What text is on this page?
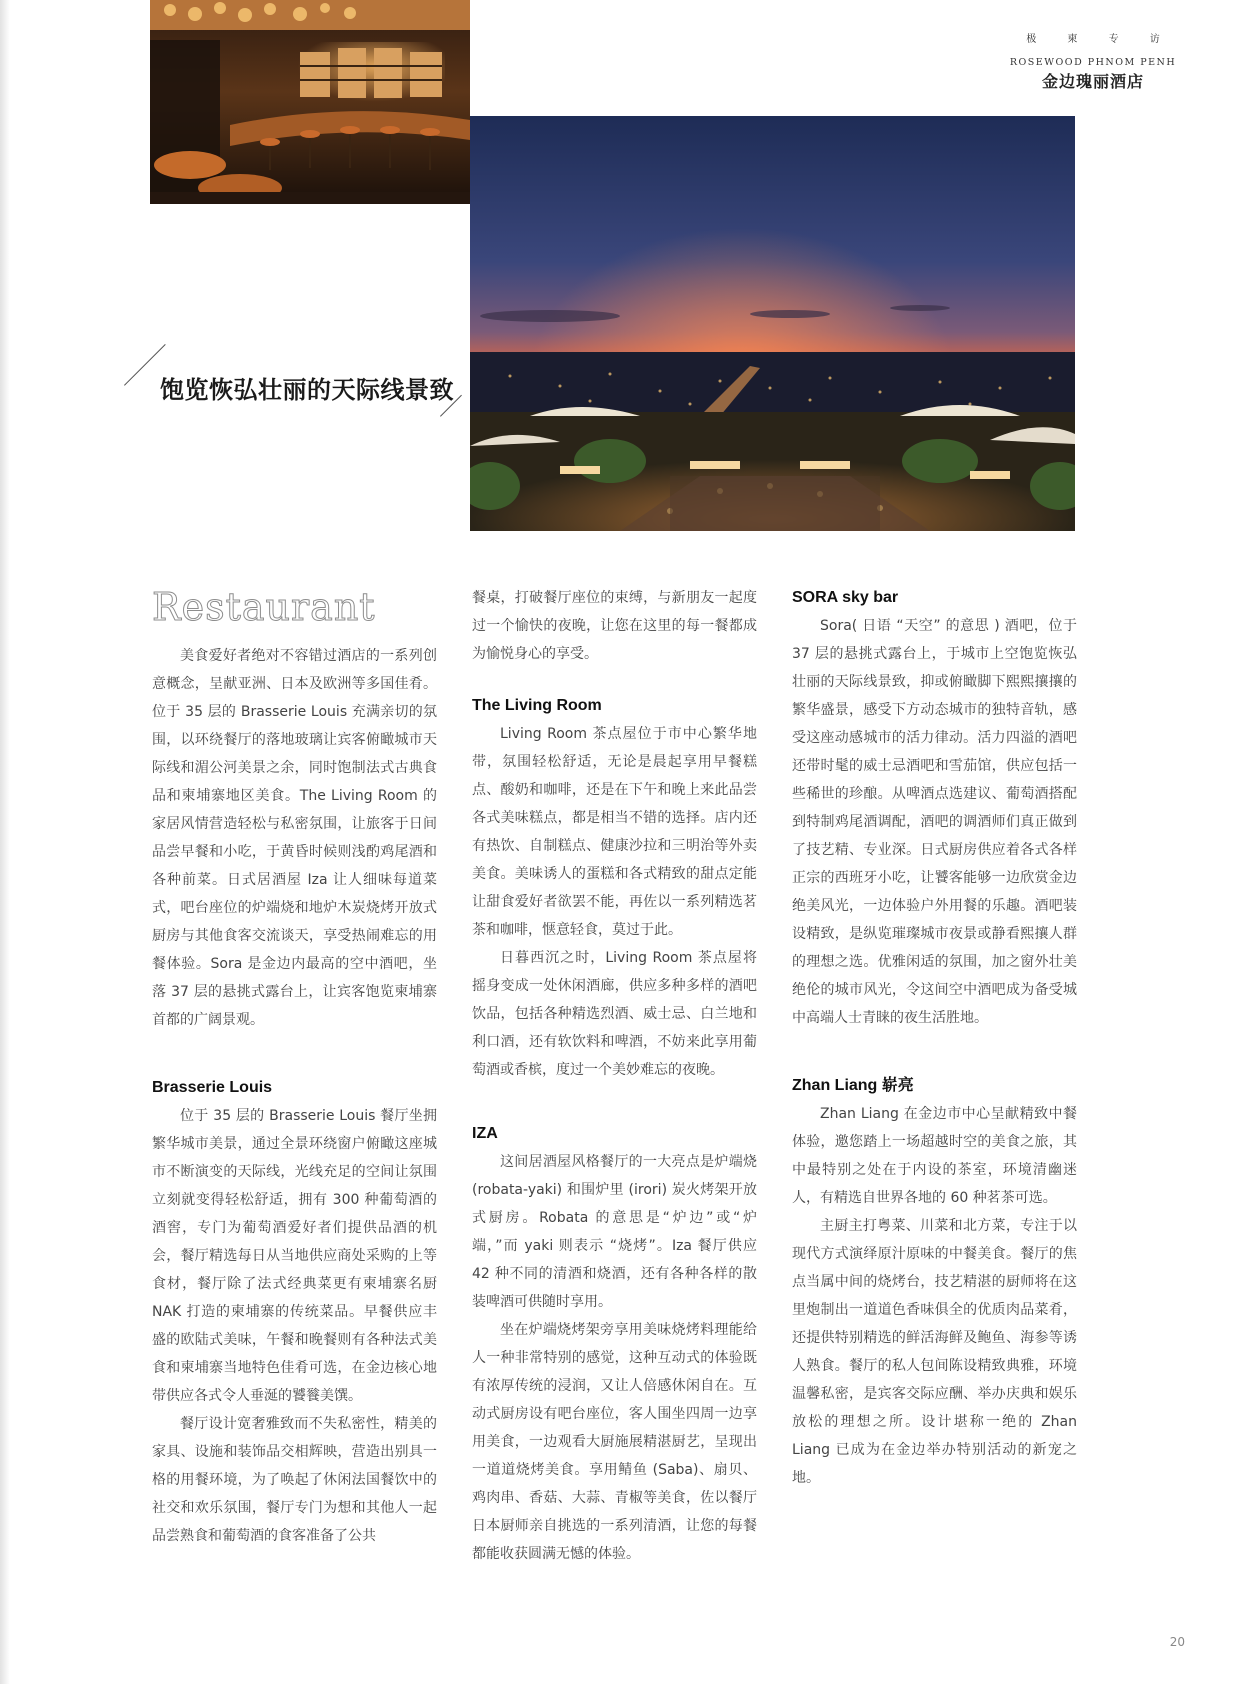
极 柬 专 访
ROSEWOOD PHNOM PENH
金边瑰丽酒店
饱览恢弘壮丽的天际线景致
Restaurant

美食爱好者绝对不容错过酒店的一系列创意概念，呈献亚洲、日本及欧洲等多国佳肴。位于 35 层的 Brasserie Louis 充满亲切的氛围，以环绕餐厅的落地玻璃让宾客俯瞰城市天际线和湄公河美景之余，同时饱制法式古典食品和柬埔寨地区美食。The Living Room 的家居风情营造轻松与私密氛围，让旅客于日间品尝早餐和小吃，于黄昏时候则浅酌鸡尾酒和各种前菜。日式居酒屋 Iza 让人细味每道菜式，吧台座位的炉端烧和地炉木炭烧烤开放式厨房与其他食客交流谈天，享受热闹难忘的用餐体验。Sora 是金边内最高的空中酒吧，坐落 37 层的悬挑式露台上，让宾客饱览柬埔寨首都的广阔景观。

Brasserie Louis

位于 35 层的 Brasserie Louis 餐厅坐拥繁华城市美景，通过全景环绕窗户俯瞰这座城市不断演变的天际线，光线充足的空间让氛围立刻就变得轻松舒适，拥有 300 种葡萄酒的酒窖，专门为葡萄酒爱好者们提供品酒的机会，餐厅精选每日从当地供应商处采购的上等食材，餐厅除了法式经典菜更有柬埔寨名厨 NAK 打造的柬埔寨的传统菜品。早餐供应丰盛的欧陆式美味，午餐和晚餐则有各种法式美食和柬埔寨当地特色佳肴可选，在金边核心地带供应各式令人垂涎的饕餮美馔。

餐厅设计宽奢雅致而不失私密性，精美的家具、设施和装饰品交相辉映，营造出别具一格的用餐环境，为了唤起了休闲法国餐饮中的社交和欢乐氛围，餐厅专门为想和其他人一起品尝熟食和葡萄酒的食客准备了公共

餐桌，打破餐厅座位的束缚，与新朋友一起度过一个愉快的夜晚，让您在这里的每一餐都成为愉悦身心的享受。

The Living Room

Living Room 茶点屋位于市中心繁华地带，氛围轻松舒适，无论是晨起享用早餐糕点、酸奶和咖啡，还是在下午和晚上来此品尝各式美味糕点，都是相当不错的选择。店内还有热饮、自制糕点、健康沙拉和三明治等外卖美食。美味诱人的蛋糕和各式精致的甜点定能让甜食爱好者欲罢不能，再佐以一系列精选茗茶和咖啡，惬意轻食，莫过于此。

日暮西沉之时，Living Room 茶点屋将摇身变成一处休闲酒廊，供应多种多样的酒吧饮品，包括各种精选烈酒、威士忌、白兰地和利口酒，还有软饮料和啤酒，不妨来此享用葡萄酒或香槟，度过一个美妙难忘的夜晚。

IZA

这间居酒屋风格餐厅的一大亮点是炉端烧 (robata-yaki) 和围炉里 (irori) 炭火烤架开放式厨房。Robata 的意思是“炉边”或“炉端，”而 yaki 则表示 “烧烤”。Iza 餐厅供应 42 种不同的清酒和烧酒，还有各种各样的散装啤酒可供随时享用。

坐在炉端烧烤架旁享用美味烧烤料理能给人一种非常特别的感觉，这种互动式的体验既有浓厚传统的浸润，又让人倍感休闲自在。互动式厨房设有吧台座位，客人围坐四周一边享用美食，一边观看大厨施展精湛厨艺，呈现出一道道烧烤美食。享用鲭鱼 (Saba)、扇贝、鸡肉串、香菇、大蒜、青椒等美食，佐以餐厅日本厨师亲自挑选的一系列清酒，让您的每餐都能收获圆满无憾的体验。

SORA sky bar

Sora( 日语 “天空” 的意思 ) 酒吧，位于 37 层的悬挑式露台上，于城市上空饱览恢弘壮丽的天际线景致，抑或俯瞰脚下熙熙攘攘的繁华盛景，感受下方动态城市的独特音轨，感受这座动感城市的活力律动。活力四溢的酒吧还带时髦的威士忌酒吧和雪茄馆，供应包括一些稀世的珍酿。从啤酒点选建议、葡萄酒搭配到特制鸡尾酒调配，酒吧的调酒师们真正做到了技艺精、专业深。日式厨房供应着各式各样正宗的西班牙小吃，让饕客能够一边欣赏金边绝美风光，一边体验户外用餐的乐趣。酒吧装设精致，是纵览璀璨城市夜景或静看熙攘人群的理想之选。优雅闲适的氛围，加之窗外壮美绝伦的城市风光，令这间空中酒吧成为备受城中高端人士青睐的夜生活胜地。

Zhan Liang 崭亮

Zhan Liang 在金边市中心呈献精致中餐体验，邀您踏上一场超越时空的美食之旅，其中最特别之处在于内设的茶室，环境清幽迷人，有精选自世界各地的 60 种茗茶可选。

主厨主打粤菜、川菜和北方菜，专注于以现代方式演绎原汁原味的中餐美食。餐厅的焦点当属中间的烧烤台，技艺精湛的厨师将在这里炮制出一道道色香味俱全的优质肉品菜肴，还提供特别精选的鲜活海鲜及鲍鱼、海参等诱人熟食。餐厅的私人包间陈设精致典雅，环境温馨私密，是宾客交际应酬、举办庆典和娱乐放松的理想之所。设计堪称一绝的 Zhan Liang 已成为在金边举办特别活动的新宠之地。

20
